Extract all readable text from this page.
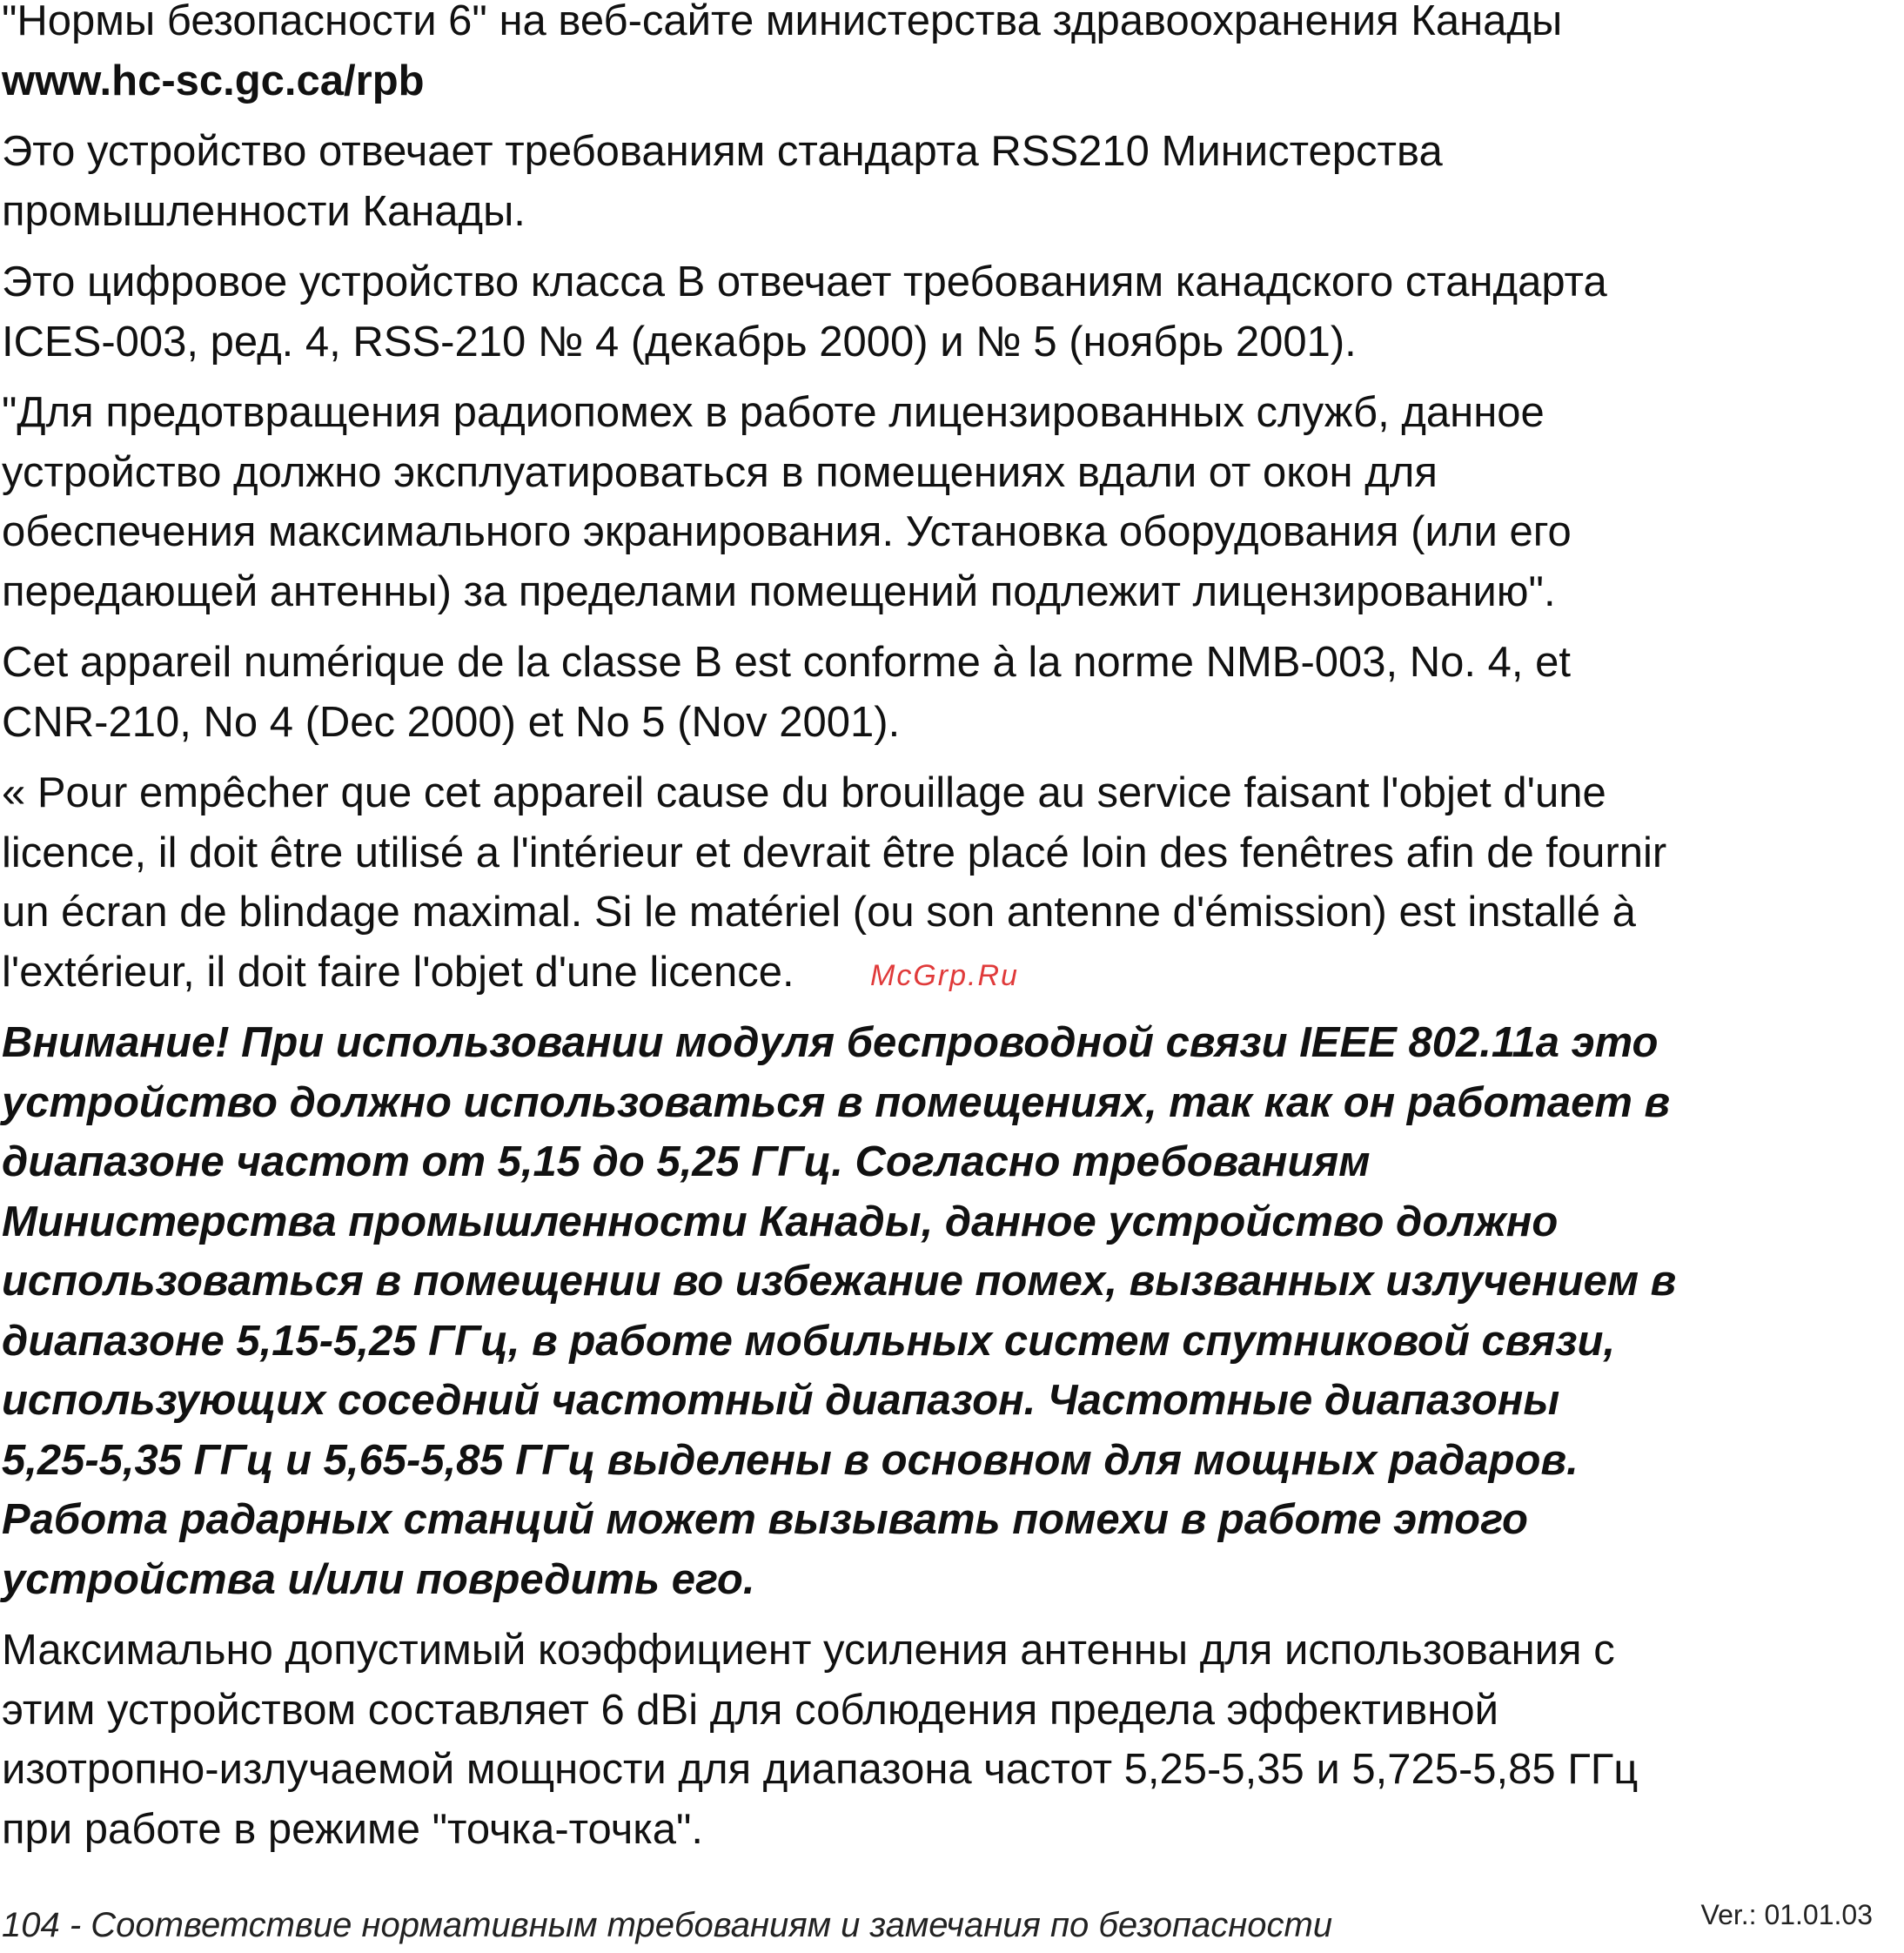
"Нормы безопасности 6" на веб-сайте министерства здравоохранения Канады
www.hc-sc.gc.ca/rpb
Это устройство отвечает требованиям стандарта RSS210 Министерства
промышленности Канады.
Это цифровое устройство класса B отвечает требованиям канадского стандарта
ICES-003, ред. 4, RSS-210 № 4 (декабрь 2000) и № 5 (ноябрь 2001).
"Для предотвращения радиопомех в работе лицензированных служб, данное
устройство должно эксплуатироваться в помещениях вдали от окон для
обеспечения максимального экранирования. Установка оборудования (или его
передающей антенны) за пределами помещений подлежит лицензированию".
Cet appareil numérique de la classe B est conforme à la norme NMB-003, No. 4, et
CNR-210, No 4 (Dec 2000) et No 5 (Nov 2001).
« Pour empêcher que cet appareil cause du brouillage au service faisant l'objet d'une
licence, il doit être utilisé a l'intérieur et devrait être placé loin des fenêtres afin de fournir
un écran de blindage maximal. Si le matériel (ou son antenne d'émission) est installé à
l'extérieur, il doit faire l'objet d'une licence.
Внимание! При использовании модуля беспроводной связи IEEE 802.11a это
устройство должно использоваться в помещениях, так как он работает в
диапазоне частот от 5,15 до 5,25 ГГц. Согласно требованиям
Министерства промышленности Канады, данное устройство должно
использоваться в помещении во избежание помех, вызванных излучением в
диапазоне 5,15-5,25 ГГц, в работе мобильных систем спутниковой связи,
использующих соседний частотный диапазон. Частотные диапазоны
5,25-5,35 ГГц и 5,65-5,85 ГГц выделены в основном для мощных радаров.
Работа радарных станций может вызывать помехи в работе этого
устройства и/или повредить его.
Максимально допустимый коэффициент усиления антенны для использования с
этим устройством составляет 6 dBi для соблюдения предела эффективной
изотропно-излучаемой мощности для диапазона частот 5,25-5,35 и 5,725-5,85 ГГц
при работе в режиме "точка-точка".
McGrp.Ru
104 - Соответствие нормативным требованиям и замечания по безопасности	Ver.: 01.01.03
